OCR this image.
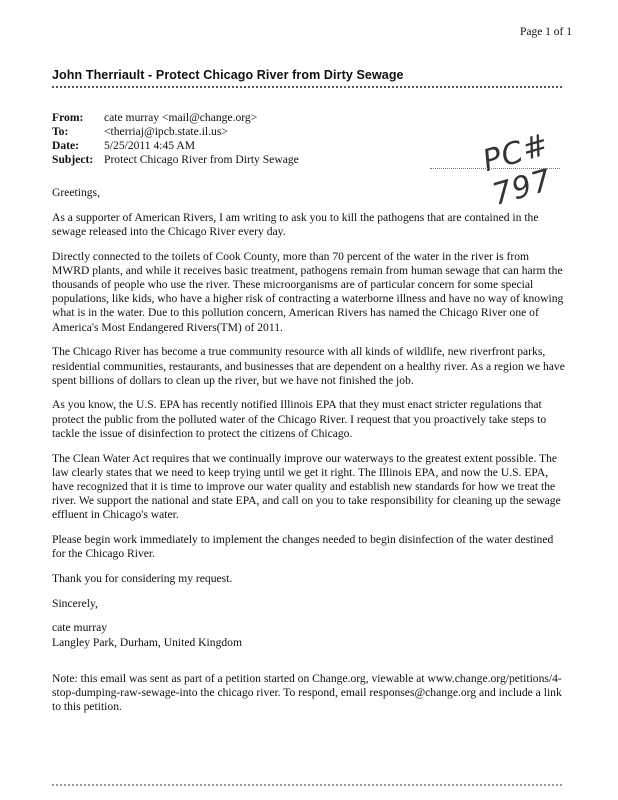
Page 1 of 1
John Therriault - Protect Chicago River from Dirty Sewage
From:	cate murray <mail@change.org>
To:	<therriaj@ipcb.state.il.us>
Date:	5/25/2011 4:45 AM
Subject: Protect Chicago River from Dirty Sewage	PC# 797

Greetings,

As a supporter of American Rivers, I am writing to ask you to kill the pathogens that are contained in the sewage released into the Chicago River every day.

Directly connected to the toilets of Cook County, more than 70 percent of the water in the river is from MWRD plants, and while it receives basic treatment, pathogens remain from human sewage that can harm the thousands of people who use the river. These microorganisms are of particular concern for some special populations, like kids, who have a higher risk of contracting a waterborne illness and have no way of knowing what is in the water. Due to this pollution concern, American Rivers has named the Chicago River one of America's Most Endangered Rivers(TM) of 2011.

The Chicago River has become a true community resource with all kinds of wildlife, new riverfront parks, residential communities, restaurants, and businesses that are dependent on a healthy river. As a region we have spent billions of dollars to clean up the river, but we have not finished the job.

As you know, the U.S. EPA has recently notified Illinois EPA that they must enact stricter regulations that protect the public from the polluted water of the Chicago River. I request that you proactively take steps to tackle the issue of disinfection to protect the citizens of Chicago.

The Clean Water Act requires that we continually improve our waterways to the greatest extent possible. The law clearly states that we need to keep trying until we get it right. The Illinois EPA, and now the U.S. EPA, have recognized that it is time to improve our water quality and establish new standards for how we treat the river. We support the national and state EPA, and call on you to take responsibility for cleaning up the sewage effluent in Chicago's water.

Please begin work immediately to implement the changes needed to begin disinfection of the water destined for the Chicago River.

Thank you for considering my request.

Sincerely,

cate murray
Langley Park, Durham, United Kingdom

Note: this email was sent as part of a petition started on Change.org, viewable at www.change.org/petitions/4-stop-dumping-raw-sewage-into the chicago river. To respond, email responses@change.org and include a link to this petition.
